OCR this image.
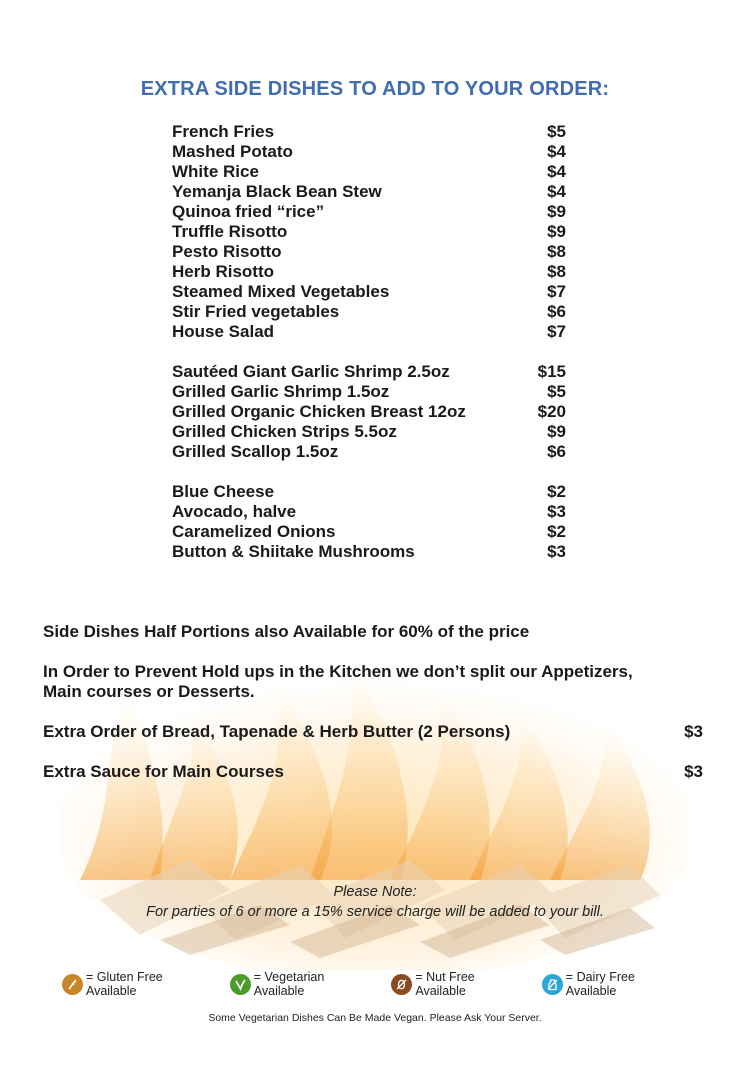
EXTRA SIDE DISHES TO ADD TO YOUR ORDER:
French Fries	$5
Mashed Potato	$4
White Rice	$4
Yemanja Black Bean Stew	$4
Quinoa fried “rice”	$9
Truffle Risotto	$9
Pesto Risotto	$8
Herb Risotto	$8
Steamed Mixed Vegetables	$7
Stir Fried vegetables	$6
House Salad	$7
Sautéed Giant Garlic Shrimp 2.5oz	$15
Grilled Garlic Shrimp 1.5oz	$5
Grilled Organic Chicken Breast 12oz	$20
Grilled Chicken Strips 5.5oz	$9
Grilled Scallop 1.5oz	$6
Blue Cheese	$2
Avocado, halve	$3
Caramelized Onions	$2
Button & Shiitake Mushrooms	$3
Side Dishes Half Portions also Available for 60% of the price
In Order to Prevent Hold ups in the Kitchen we don’t split our Appetizers,
Main courses or Desserts.
Extra Order of Bread, Tapenade & Herb Butter (2 Persons)	$3
Extra Sauce for Main Courses	$3
Please Note:
For parties of 6 or more a 15% service charge will be added to your bill.
= Gluten Free Available
= Vegetarian Available
= Nut Free Available
= Dairy Free Available
Some Vegetarian Dishes Can Be Made Vegan. Please Ask Your Server.
